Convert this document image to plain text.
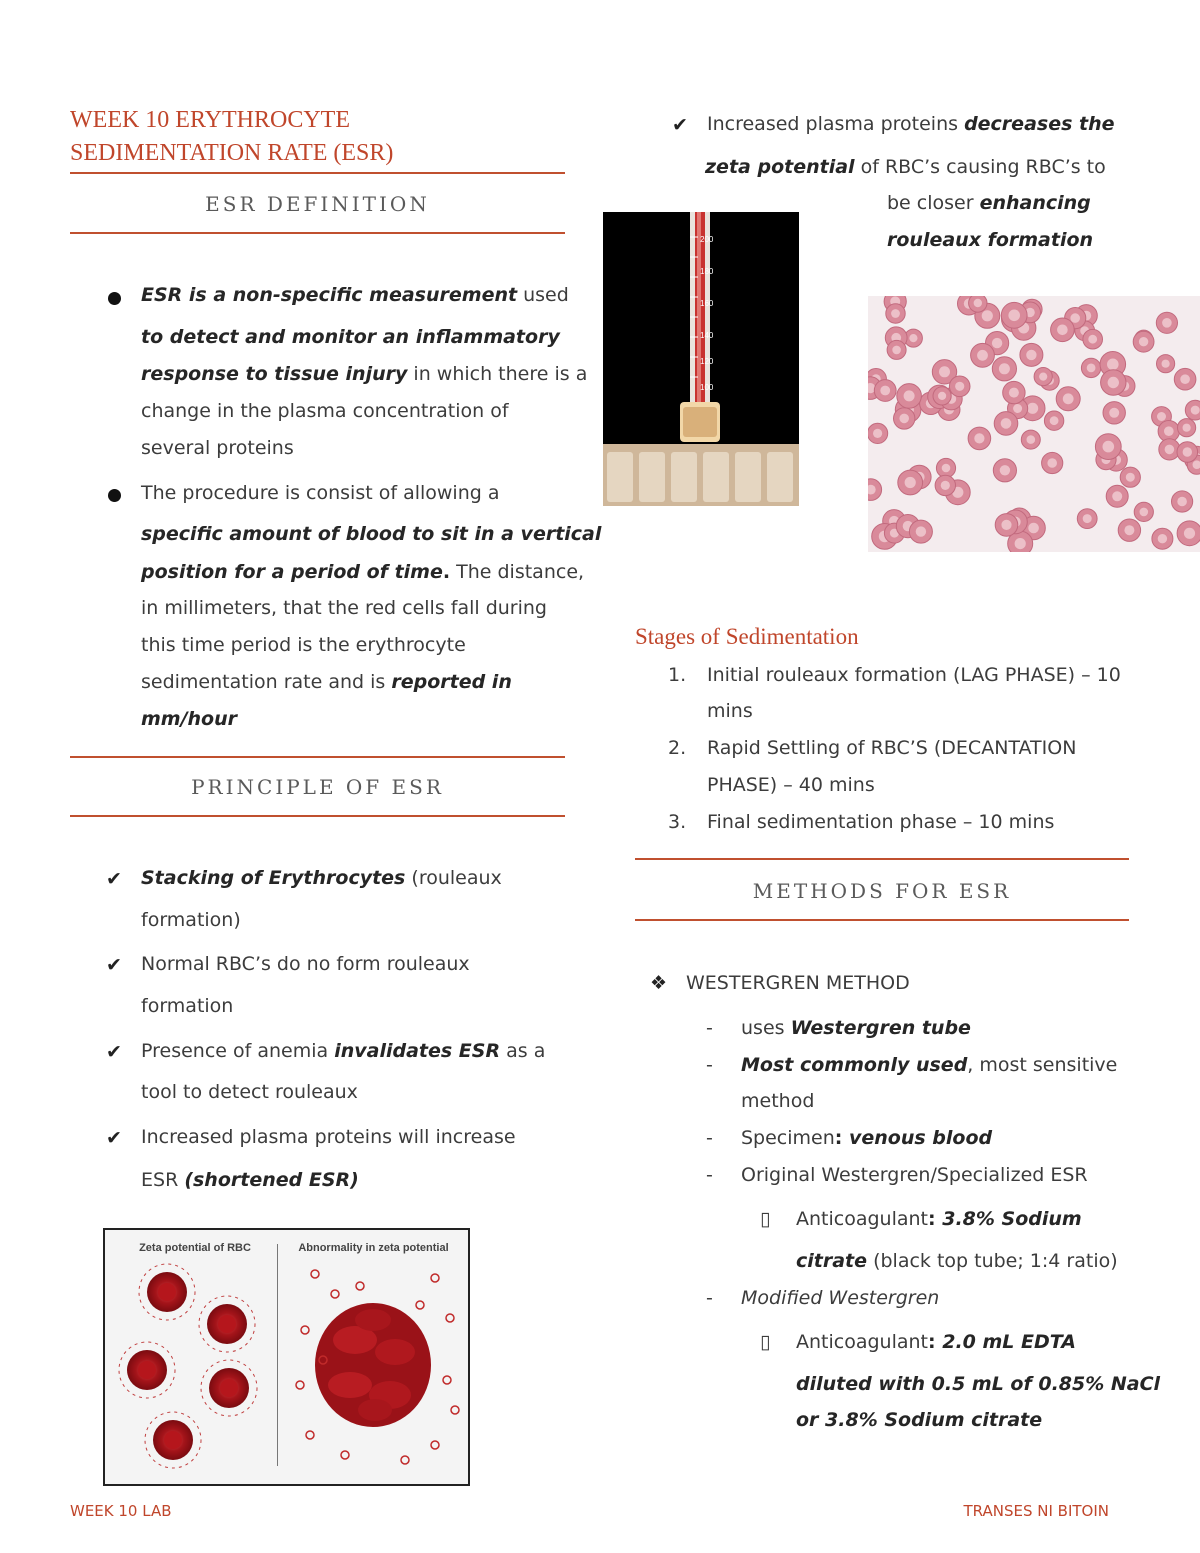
WEEK 10 ERYTHROCYTE
SEDIMENTATION RATE (ESR)
ESR DEFINITION
ESR is a non-specific measurement used
to detect and monitor an inflammatory
response to tissue injury in which there is a
change in the plasma concentration of
several proteins
The procedure is consist of allowing a
specific amount of blood to sit in a vertical
position for a period of time. The distance,
in millimeters, that the red cells fall during
this time period is the erythrocyte
sedimentation rate and is reported in
mm/hour
PRINCIPLE OF ESR
✔ Stacking of Erythrocytes (rouleaux
formation)
✔ Normal RBC’s do no form rouleaux
formation
✔ Presence of anemia invalidates ESR as a
tool to detect rouleaux
✔ Increased plasma proteins will increase
ESR (shortened ESR)
Zeta potential of RBC	Abnormality in zeta potential
✔ Increased plasma proteins decreases the
zeta potential of RBC’s causing RBC’s to
be closer enhancing
rouleaux formation
200
180
160
140
120
100
Stages of Sedimentation
1. Initial rouleaux formation (LAG PHASE) – 10
mins
2. Rapid Settling of RBC’S (DECANTATION
PHASE) – 40 mins
3. Final sedimentation phase – 10 mins
METHODS FOR ESR
❖ WESTERGREN METHOD
- uses Westergren tube
- Most commonly used, most sensitive
method
- Specimen: venous blood
- Original Westergren/Specialized ESR
▯ Anticoagulant: 3.8% Sodium
citrate (black top tube; 1:4 ratio)
- Modified Westergren
▯ Anticoagulant: 2.0 mL EDTA
diluted with 0.5 mL of 0.85% NaCl
or 3.8% Sodium citrate
WEEK 10 LAB	TRANSES NI BITOIN
